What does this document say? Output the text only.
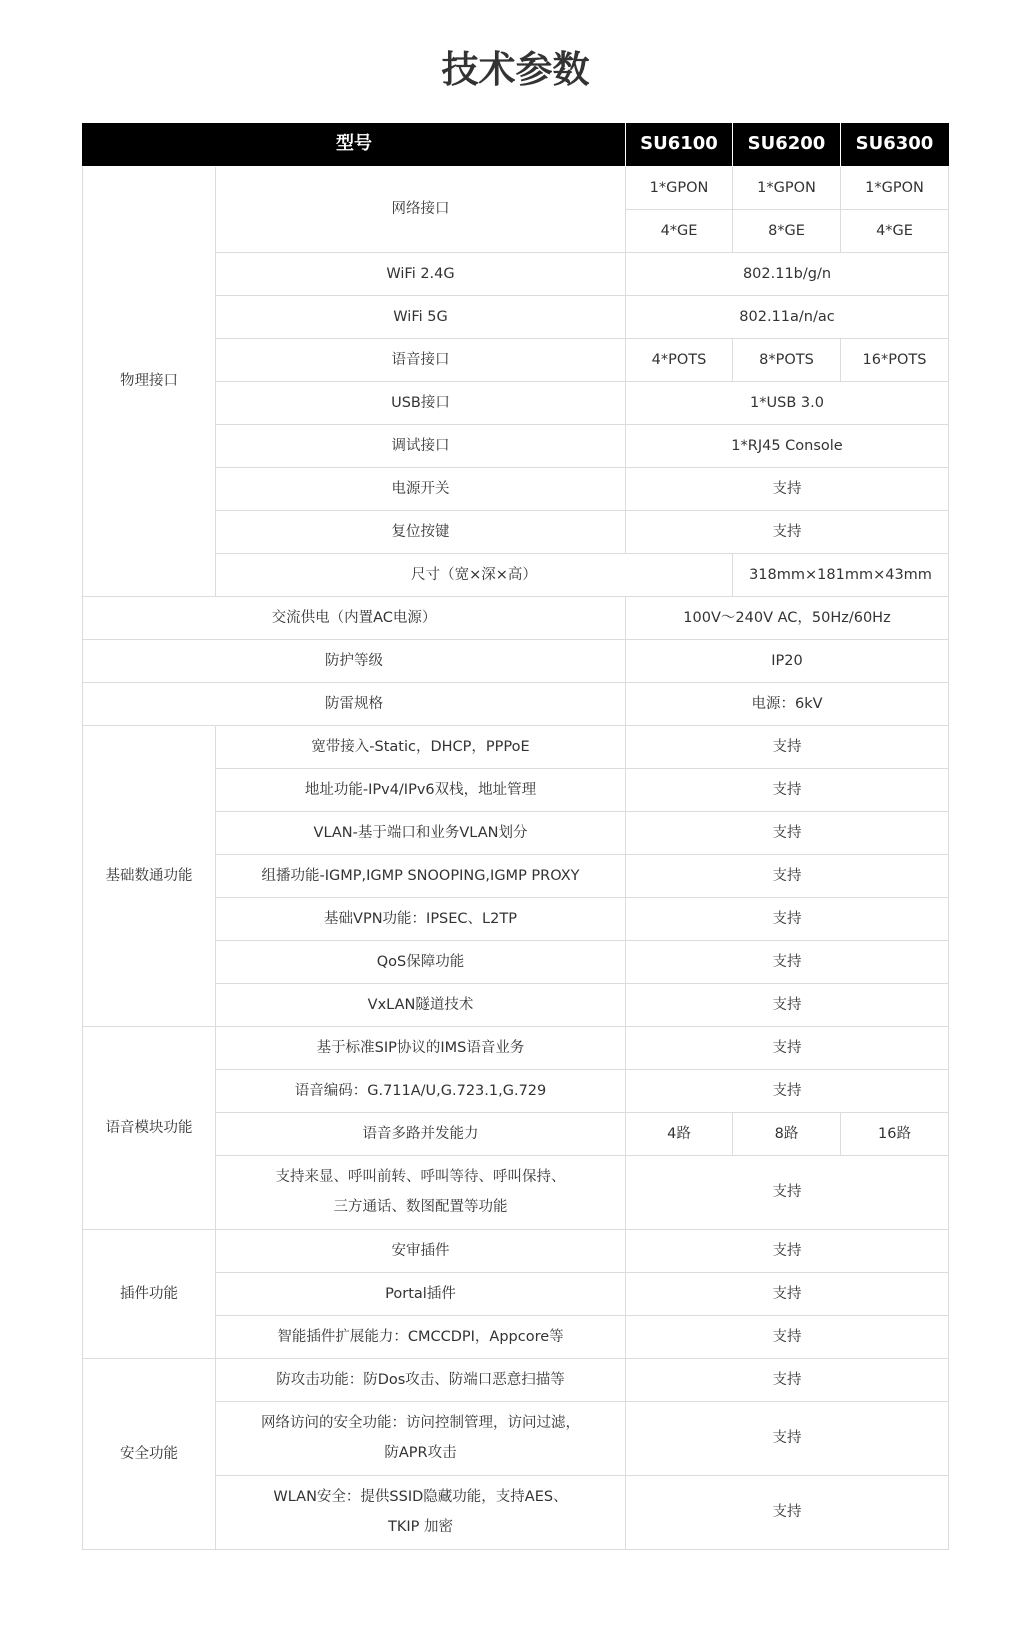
技术参数
型号		SU6100	SU6200	SU6300
物理接口	网络接口	1*GPON	1*GPON	1*GPON
		4*GE	8*GE	4*GE
	WiFi 2.4G	802.11b/g/n		
	WiFi 5G	802.11a/n/ac		
	语音接口	4*POTS	8*POTS	16*POTS
	USB接口	1*USB 3.0		
	调试接口	1*RJ45 Console		
	电源开关	支持		
	复位按键	支持		
	尺寸（宽×深×高）		318mm×181mm×43mm	
交流供电（内置AC电源）		100V～240V AC，50Hz/60Hz		
防护等级		IP20		
防雷规格		电源：6kV		
基础数通功能	宽带接入-Static，DHCP，PPPoE	支持		
	地址功能-IPv4/IPv6双栈，地址管理	支持		
	VLAN-基于端口和业务VLAN划分	支持		
	组播功能-IGMP,IGMP SNOOPING,IGMP PROXY	支持		
	基础VPN功能：IPSEC、L2TP	支持		
	QoS保障功能	支持		
	VxLAN隧道技术	支持		
语音模块功能	基于标准SIP协议的IMS语音业务	支持		
	语音编码：G.711A/U,G.723.1,G.729	支持		
	语音多路并发能力	4路	8路	16路
	支持来显、呼叫前转、呼叫等待、呼叫保持、
三方通话、数图配置等功能	支持		
插件功能	安审插件	支持		
	Portal插件	支持		
	智能插件扩展能力：CMCCDPI，Appcore等	支持		
安全功能	防攻击功能：防Dos攻击、防端口恶意扫描等	支持		
	网络访问的安全功能：访问控制管理，访问过滤，
防APR攻击	支持		
	WLAN安全：提供SSID隐藏功能，支持AES、
TKIP 加密	支持		
